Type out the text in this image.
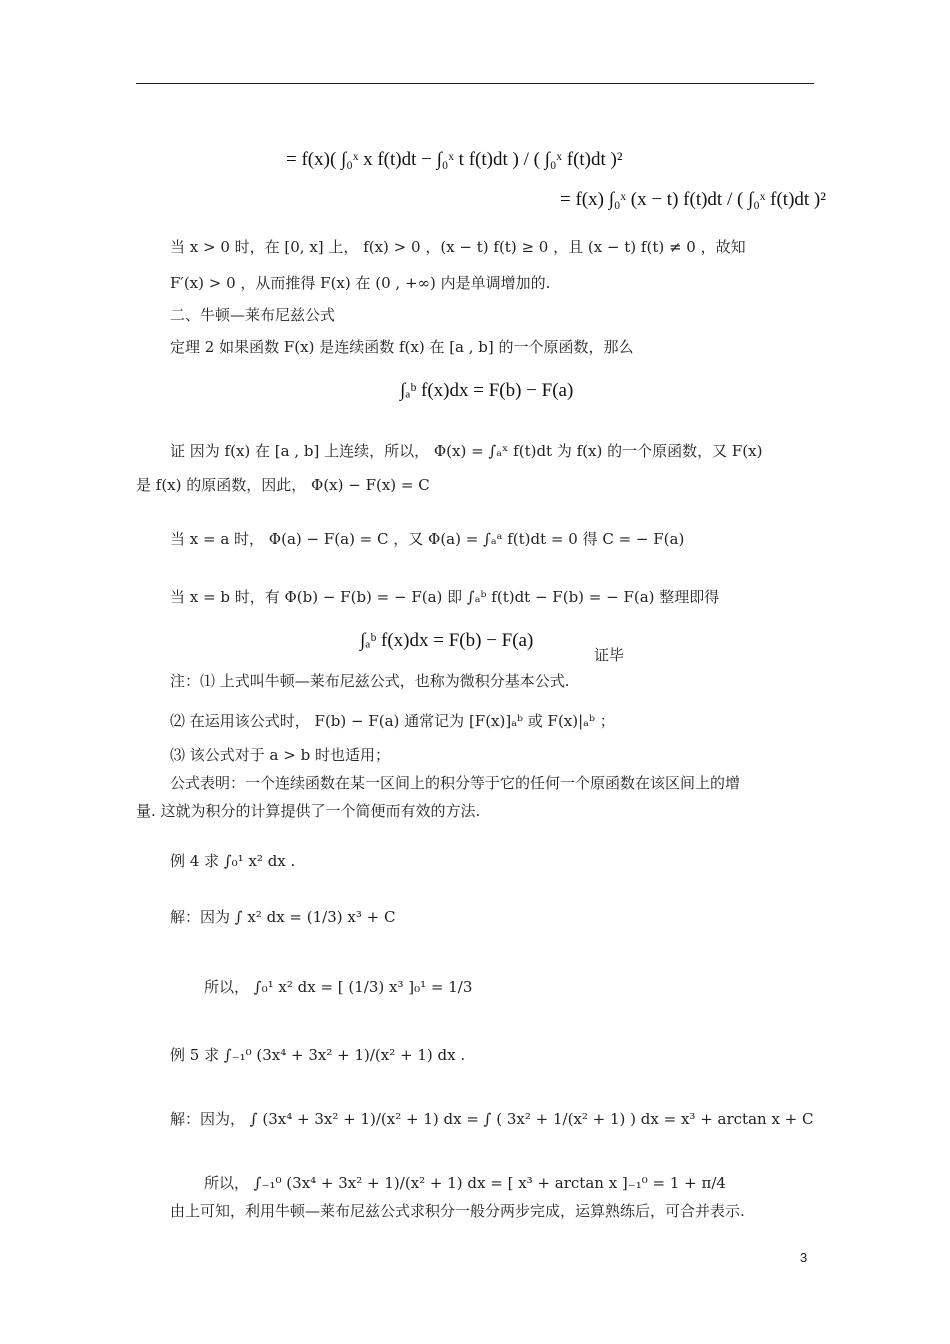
= f(x)( ∫₀ˣ x f(t)dt − ∫₀ˣ t f(t)dt ) / ( ∫₀ˣ f(t)dt )²
= f(x) ∫₀ˣ (x − t) f(t)dt / ( ∫₀ˣ f(t)dt )²
当 x > 0 时，在 [0, x] 上， f(x) > 0 ，(x − t) f(t) ≥ 0 ，且 (x − t) f(t) ≠ 0 ，故知
F′(x) > 0 ，从而推得 F(x) 在 (0 , +∞) 内是单调增加的.
二、牛顿—莱布尼兹公式
定理 2 如果函数 F(x) 是连续函数 f(x) 在 [a , b] 的一个原函数，那么
∫ₐᵇ f(x)dx = F(b) − F(a)
证 因为 f(x) 在 [a , b] 上连续，所以， Φ(x) = ∫ₐˣ f(t)dt 为 f(x) 的一个原函数，又 F(x)
是 f(x) 的原函数，因此， Φ(x) − F(x) = C
当 x = a 时， Φ(a) − F(a) = C ，又 Φ(a) = ∫ₐᵃ f(t)dt = 0 得 C = − F(a)
当 x = b 时，有 Φ(b) − F(b) = − F(a) 即 ∫ₐᵇ f(t)dt − F(b) = − F(a) 整理即得
∫ₐᵇ f(x)dx = F(b) − F(a)
证毕
注：⑴ 上式叫牛顿—莱布尼兹公式，也称为微积分基本公式.
⑵ 在运用该公式时， F(b) − F(a) 通常记为 [F(x)]ₐᵇ 或 F(x)|ₐᵇ ；
⑶ 该公式对于 a > b 时也适用；
公式表明：一个连续函数在某一区间上的积分等于它的任何一个原函数在该区间上的增
量. 这就为积分的计算提供了一个简便而有效的方法.
例 4 求 ∫₀¹ x² dx .
解：因为 ∫ x² dx = (1/3) x³ + C
所以， ∫₀¹ x² dx = [ (1/3) x³ ]₀¹ = 1/3
例 5 求 ∫₋₁⁰ (3x⁴ + 3x² + 1)/(x² + 1) dx .
解：因为， ∫ (3x⁴ + 3x² + 1)/(x² + 1) dx = ∫ ( 3x² + 1/(x² + 1) ) dx = x³ + arctan x + C
所以， ∫₋₁⁰ (3x⁴ + 3x² + 1)/(x² + 1) dx = [ x³ + arctan x ]₋₁⁰ = 1 + π/4
由上可知，利用牛顿—莱布尼兹公式求积分一般分两步完成，运算熟练后，可合并表示.
3
